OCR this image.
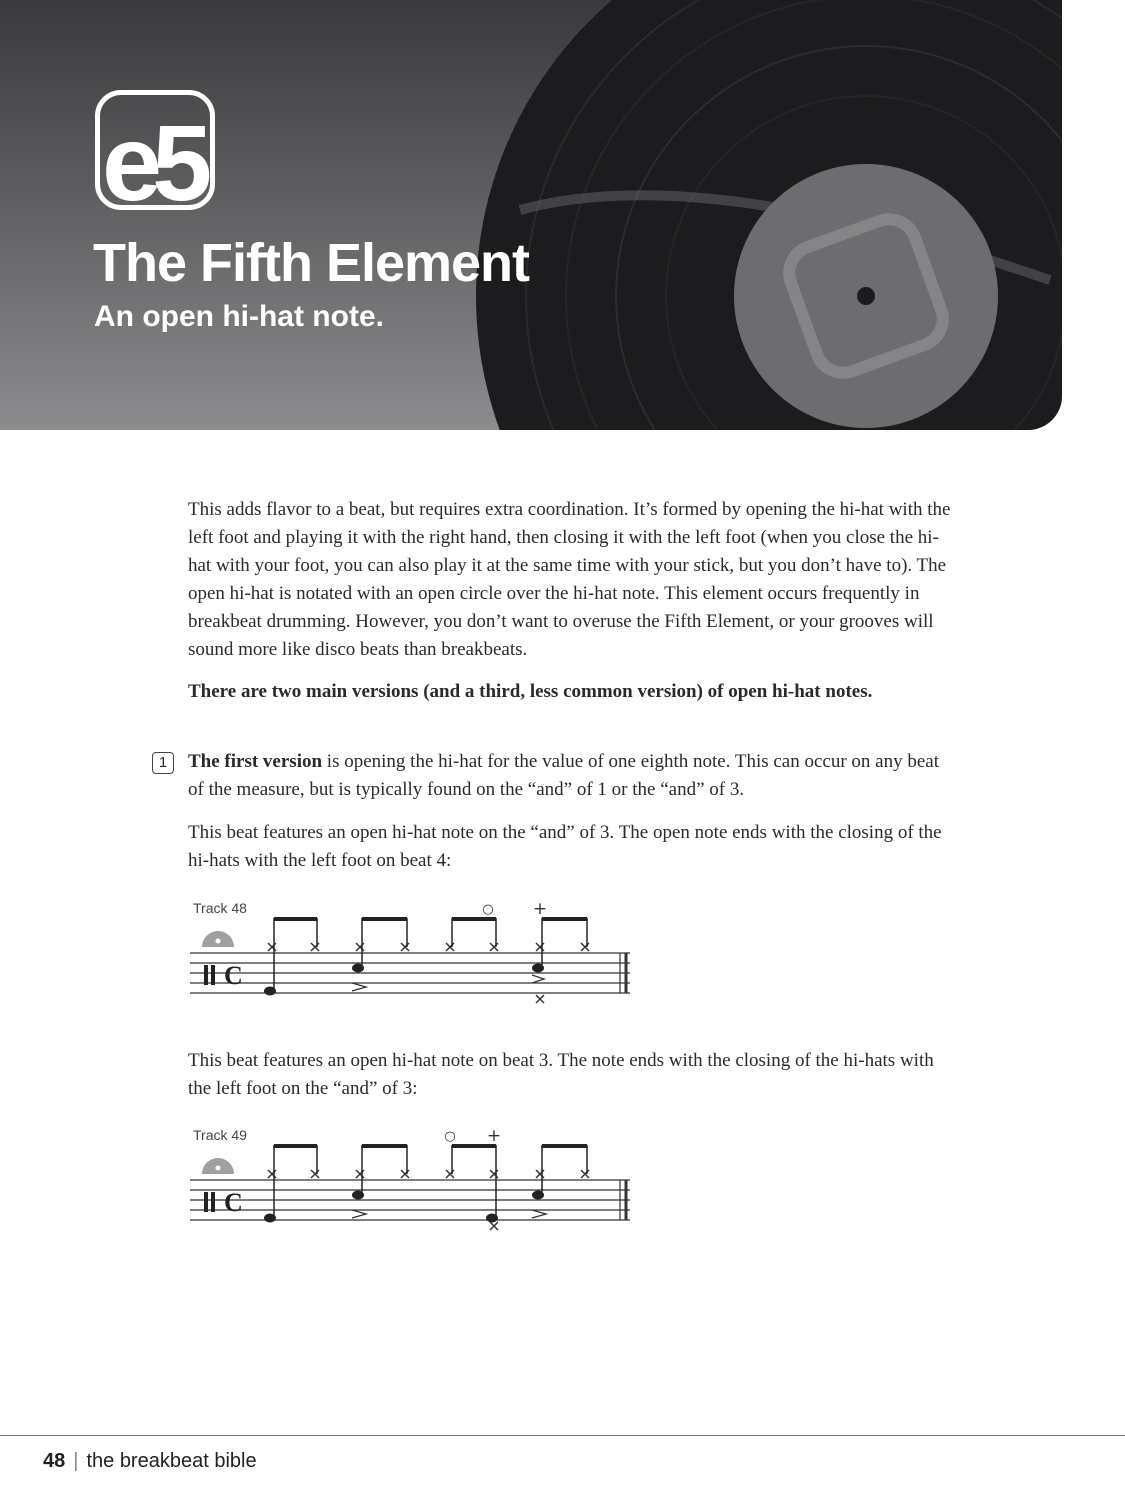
e5
The Fifth Element
An open hi-hat note.

This adds flavor to a beat, but requires extra coordination. It’s formed by opening the hi-hat with the left foot and playing it with the right hand, then closing it with the left foot (when you close the hi-hat with your foot, you can also play it at the same time with your stick, but you don’t have to). The open hi-hat is notated with an open circle over the hi-hat note. This element occurs frequently in breakbeat drumming. However, you don’t want to overuse the Fifth Element, or your grooves will sound more like disco beats than breakbeats.

There are two main versions (and a third, less common version) of open hi-hat notes.

1	The first version is opening the hi-hat for the value of one eighth note. This can occur on any beat of the measure, but is typically found on the “and” of 1 or the “and” of 3.

This beat features an open hi-hat note on the “and” of 3. The open note ends with the closing of the hi-hats with the left foot on beat 4:

Track 48
C
○ +

This beat features an open hi-hat note on beat 3. The note ends with the closing of the hi-hats with the left foot on the “and” of 3:

Track 49
C
○ +
48 | the breakbeat bible
